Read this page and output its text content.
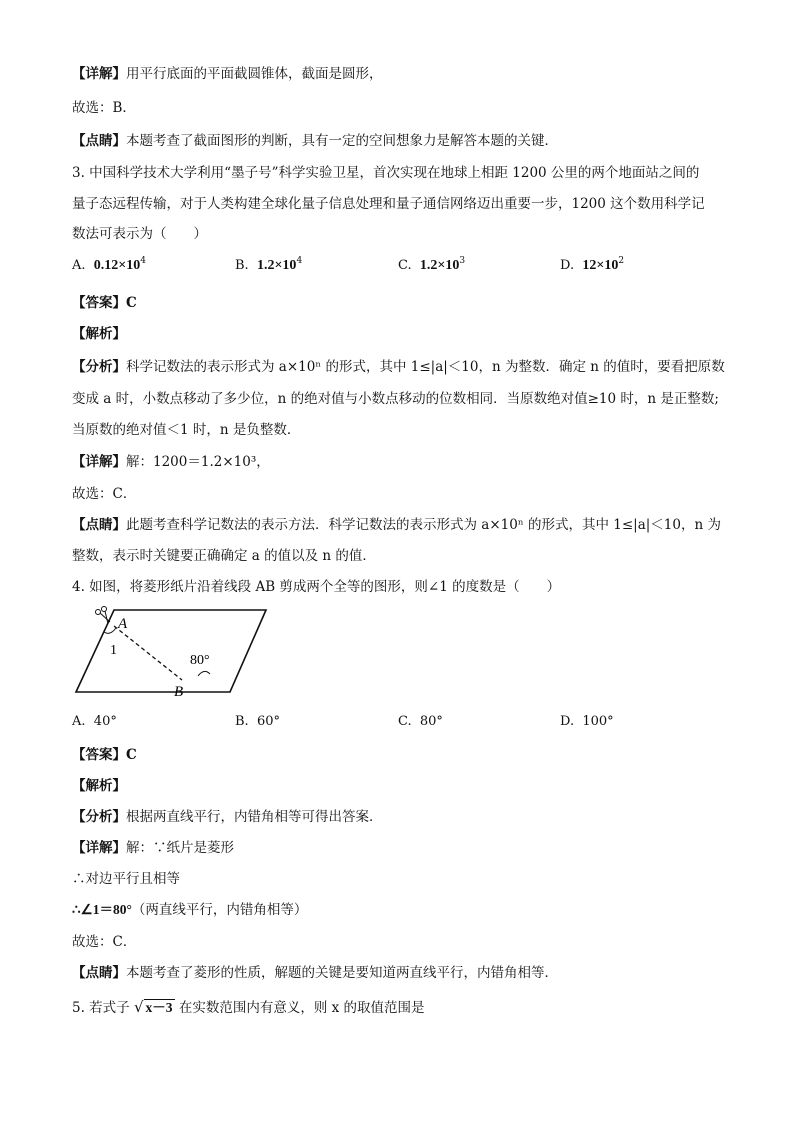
【详解】用平行底面的平面截圆锥体，截面是圆形，
故选：B．
【点睛】本题考查了截面图形的判断，具有一定的空间想象力是解答本题的关键．
3. 中国科学技术大学利用“墨子号”科学实验卫星，首次实现在地球上相距 1200 公里的两个地面站之间的
量子态远程传输，对于人类构建全球化量子信息处理和量子通信网络迈出重要一步，1200 这个数用科学记
数法可表示为（　　）
A. $0.12\times 10^4$	B. $1.2\times 10^4$	C. $1.2\times 10^3$	D. $12\times 10^2$
【答案】C
【解析】
【分析】科学记数法的表示形式为 a×10ⁿ 的形式，其中 1≤|a|＜10，n 为整数．确定 n 的值时，要看把原数
变成 a 时，小数点移动了多少位，n 的绝对值与小数点移动的位数相同．当原数绝对值≥10 时，n 是正整数;
当原数的绝对值＜1 时，n 是负整数．
【详解】解：1200＝1.2×10³，
故选：C．
【点睛】此题考查科学记数法的表示方法．科学记数法的表示形式为 a×10ⁿ 的形式，其中 1≤|a|＜10，n 为
整数，表示时关键要正确确定 a 的值以及 n 的值．
4. 如图，将菱形纸片沿着线段 AB 剪成两个全等的图形，则∠1 的度数是（　　）
A
1
80°
B
A. 40°	B. 60°	C. 80°	D. 100°
【答案】C
【解析】
【分析】根据两直线平行，内错角相等可得出答案．
【详解】解：∵纸片是菱形
∴对边平行且相等
∴∠1＝80°（两直线平行，内错角相等）
故选：C．
【点睛】本题考查了菱形的性质，解题的关键是要知道两直线平行，内错角相等．
5. 若式子 √ x－3 在实数范围内有意义，则 x 的取值范围是
